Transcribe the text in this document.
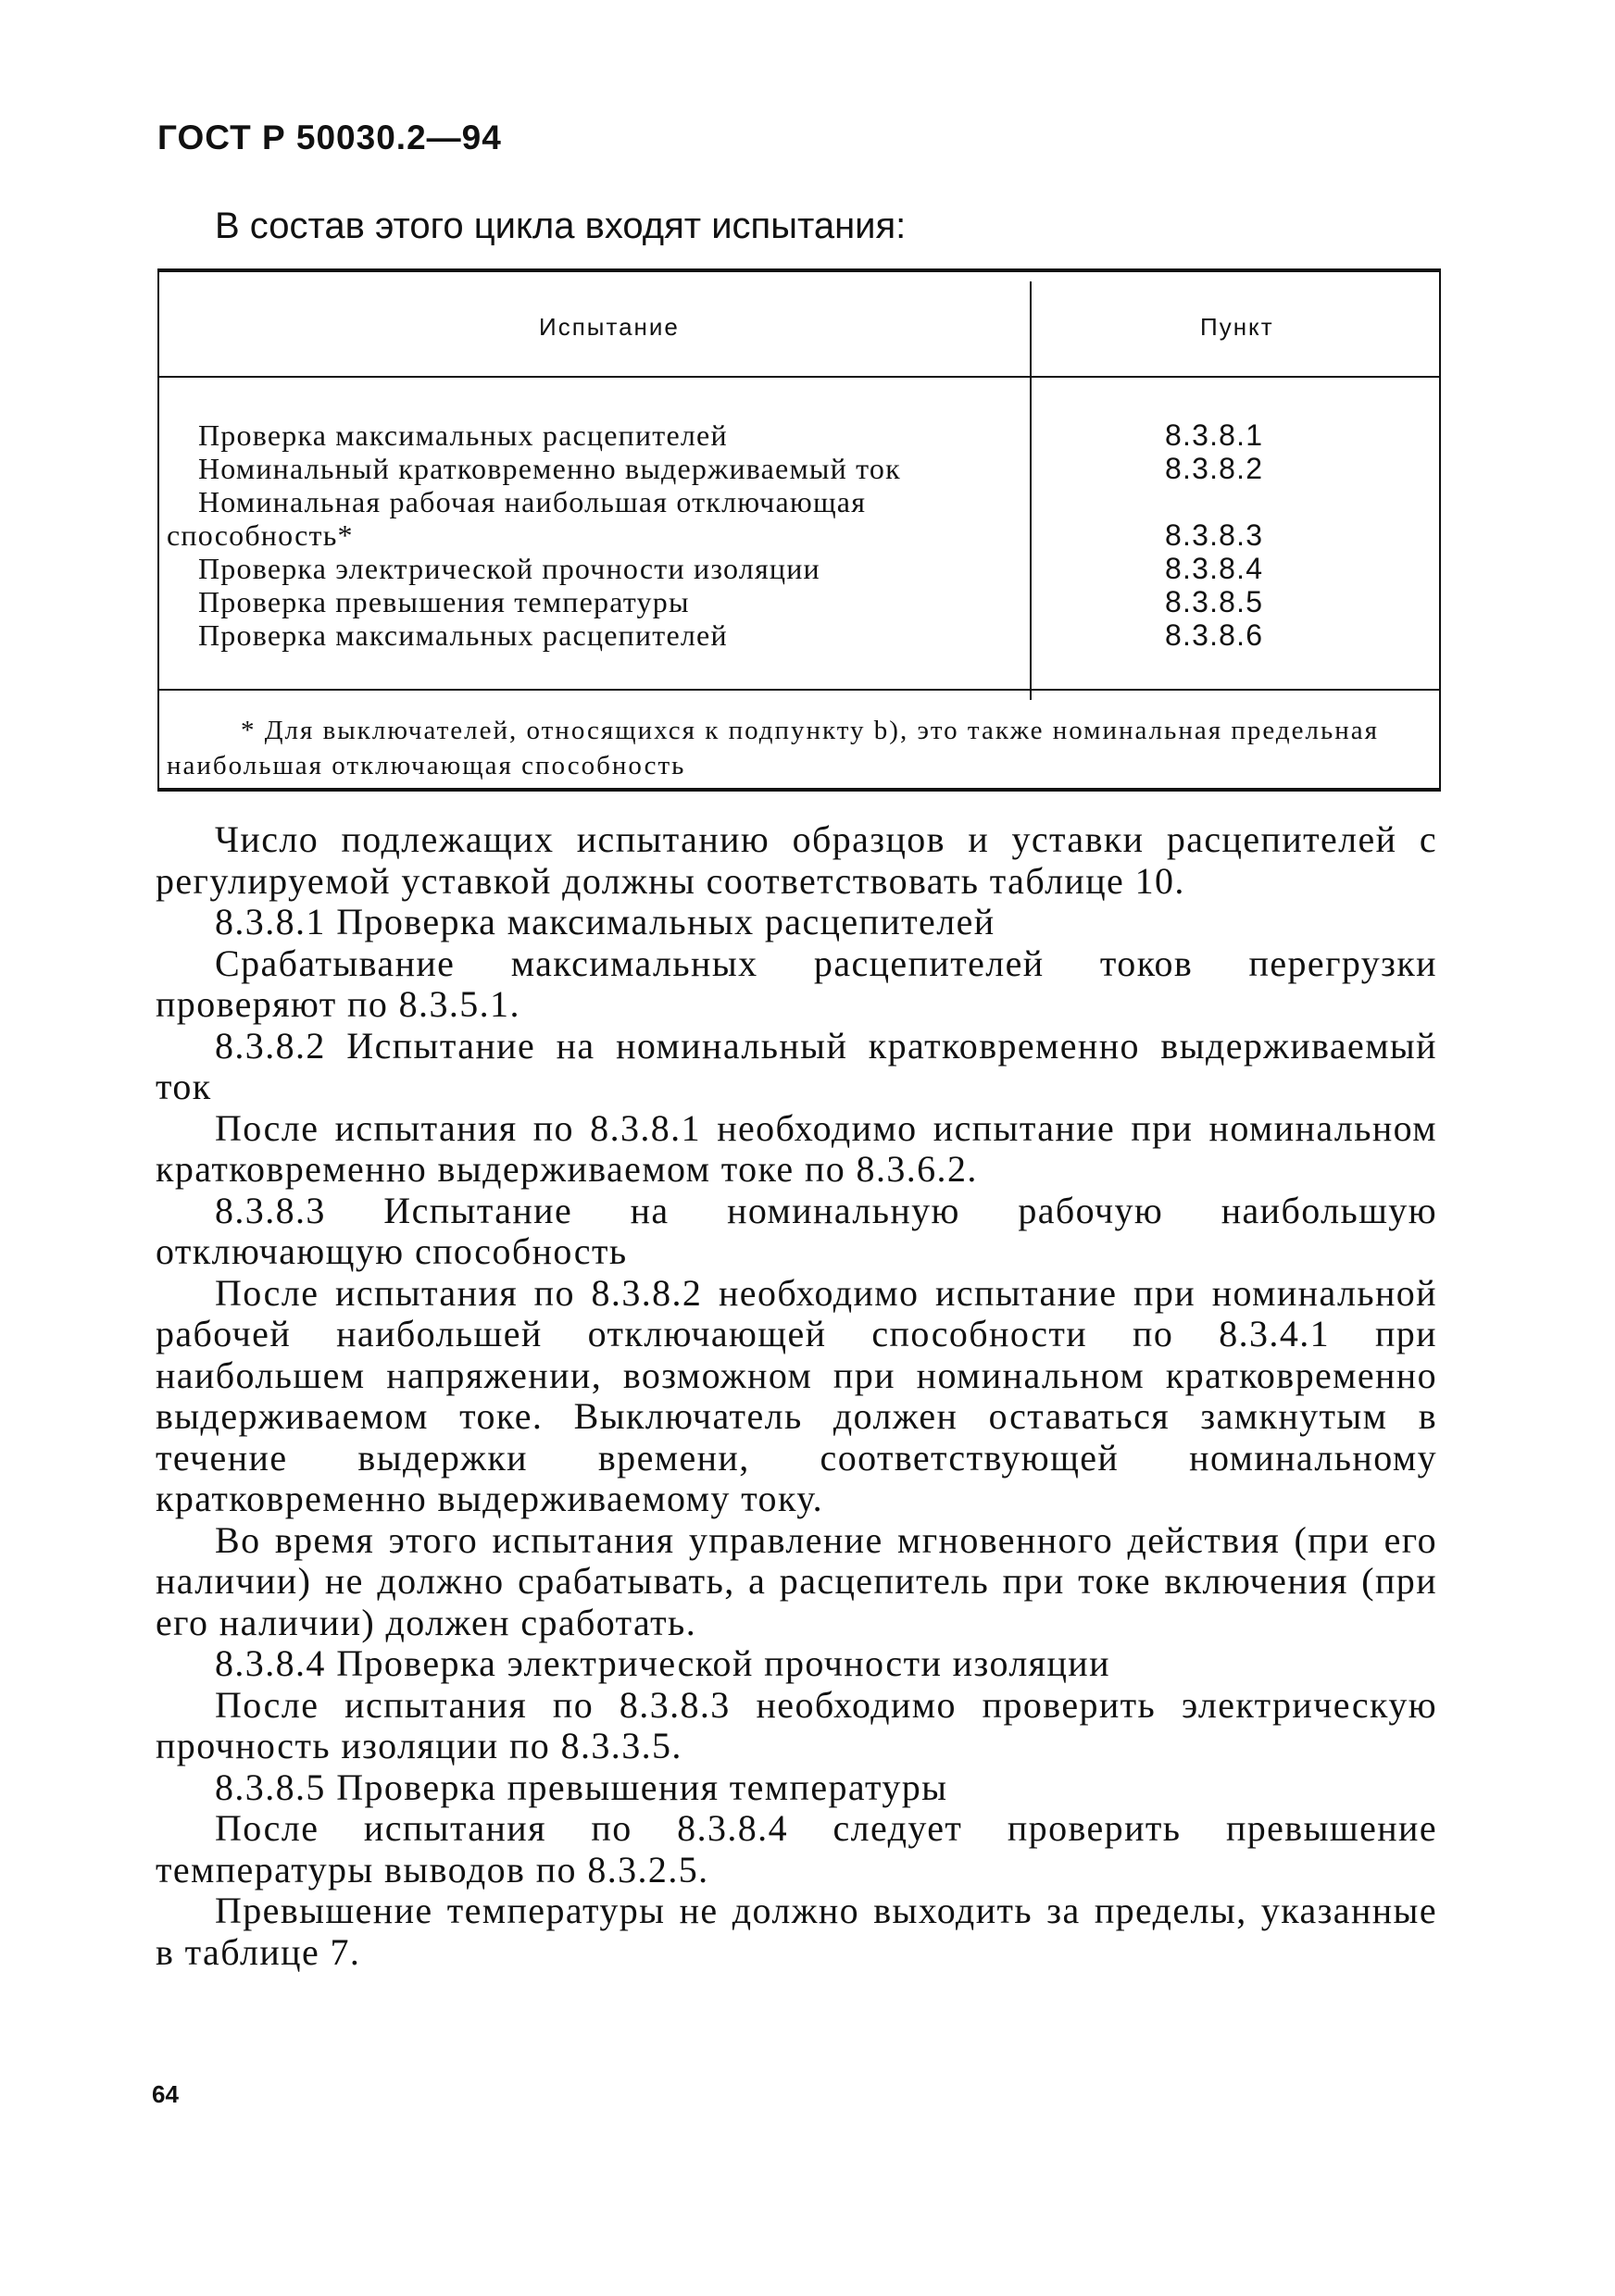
ГОСТ Р 50030.2—94
В состав этого цикла входят испытания:
Испытание	Пункт
Проверка максимальных расцепителей	8.3.8.1
Номинальный кратковременно выдерживаемый ток	8.3.8.2
Номинальная рабочая наибольшая отключающая
способность*	8.3.8.3
Проверка электрической прочности изоляции	8.3.8.4
Проверка превышения температуры	8.3.8.5
Проверка максимальных расцепителей	8.3.8.6
* Для выключателей, относящихся к подпункту b), это также номинальная предельная наибольшая отключающая способность

Число подлежащих испытанию образцов и уставки расцепителей с регулируемой уставкой должны соответствовать таблице 10.

8.3.8.1 Проверка максимальных расцепителей

Срабатывание максимальных расцепителей токов перегрузки проверяют по 8.3.5.1.

8.3.8.2 Испытание на номинальный кратковременно выдерживаемый ток

После испытания по 8.3.8.1 необходимо испытание при номинальном кратковременно выдерживаемом токе по 8.3.6.2.

8.3.8.3 Испытание на номинальную рабочую наибольшую отключающую способность

После испытания по 8.3.8.2 необходимо испытание при номинальной рабочей наибольшей отключающей способности по 8.3.4.1 при наибольшем напряжении, возможном при номинальном кратковременно выдерживаемом токе. Выключатель должен оставаться замкнутым в течение выдержки времени, соответствующей номинальному кратковременно выдерживаемому току.

Во время этого испытания управление мгновенного действия (при его наличии) не должно срабатывать, а расцепитель при токе включения (при его наличии) должен сработать.

8.3.8.4 Проверка электрической прочности изоляции

После испытания по 8.3.8.3 необходимо проверить электрическую прочность изоляции по 8.3.3.5.

8.3.8.5 Проверка превышения температуры

После испытания по 8.3.8.4 следует проверить превышение температуры выводов по 8.3.2.5.

Превышение температуры не должно выходить за пределы, указанные в таблице 7.

64
